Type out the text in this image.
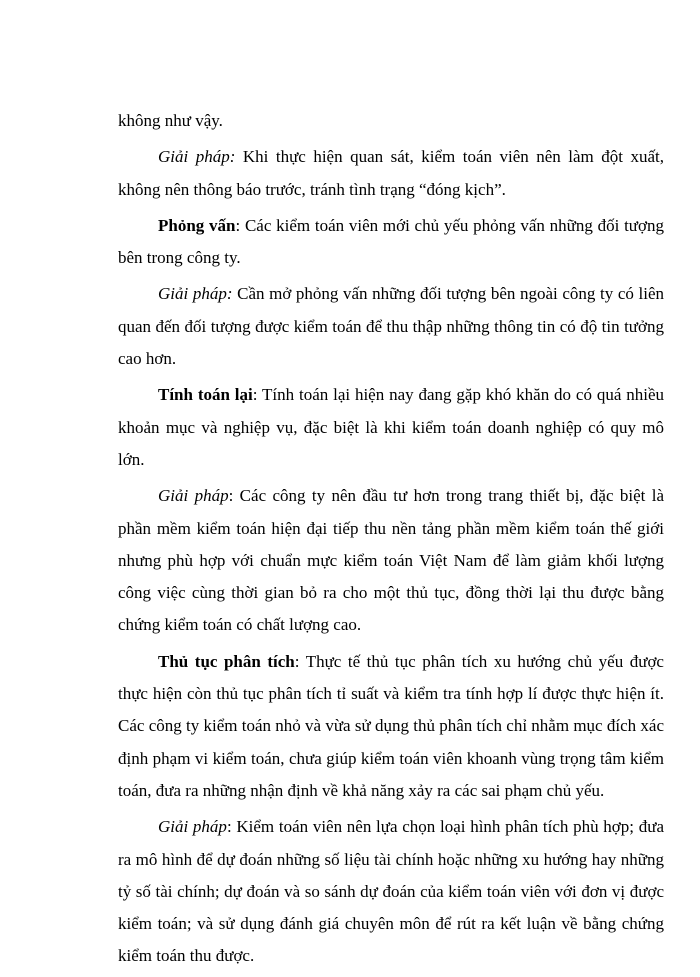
không như vậy.

Giải pháp: Khi thực hiện quan sát, kiểm toán viên nên làm đột xuất, không nên thông báo trước, tránh tình trạng “đóng kịch”.

Phỏng vấn: Các kiểm toán viên mới chủ yếu phỏng vấn những đối tượng bên trong công ty.

Giải pháp: Cần mở phỏng vấn những đối tượng bên ngoài công ty có liên quan đến đối tượng được kiểm toán để thu thập những thông tin có độ tin tưởng cao hơn.

Tính toán lại: Tính toán lại hiện nay đang gặp khó khăn do có quá nhiều khoản mục và nghiệp vụ, đặc biệt là khi kiểm toán doanh nghiệp có quy mô lớn.

Giải pháp: Các công ty nên đầu tư hơn trong trang thiết bị, đặc biệt là phần mềm kiểm toán hiện đại tiếp thu nền tảng phần mềm kiểm toán thế giới nhưng phù hợp với chuẩn mực kiểm toán Việt Nam để làm giảm khối lượng công việc cùng thời gian bỏ ra cho một thủ tục, đồng thời lại thu được bằng chứng kiểm toán có chất lượng cao.

Thủ tục phân tích: Thực tế thủ tục phân tích xu hướng chủ yếu được thực hiện còn thủ tục phân tích tỉ suất và kiểm tra tính hợp lí được thực hiện ít. Các công ty kiểm toán nhỏ và vừa sử dụng thủ phân tích chỉ nhằm mục đích xác định phạm vi kiểm toán, chưa giúp kiểm toán viên khoanh vùng trọng tâm kiểm toán, đưa ra những nhận định về khả năng xảy ra các sai phạm chủ yếu.

Giải pháp: Kiểm toán viên nên lựa chọn loại hình phân tích phù hợp; đưa ra mô hình để dự đoán những số liệu tài chính hoặc những xu hướng hay những tỷ số tài chính; dự đoán và so sánh dự đoán của kiểm toán viên với đơn vị được kiểm toán; và sử dụng đánh giá chuyên môn để rút ra kết luận về bằng chứng kiểm toán thu được.
